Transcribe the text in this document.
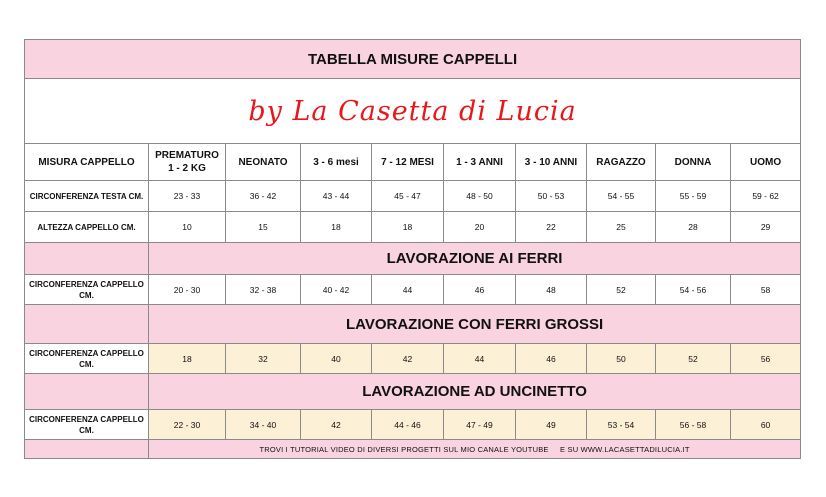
TABELLA MISURE CAPPELLI									
by La Casetta di Lucia									
MISURA CAPPELLO	PREMATURO 1 - 2 KG	NEONATO	3 - 6 mesi	7 - 12 MESI	1 - 3 ANNI	3 - 10 ANNI	RAGAZZO	DONNA	UOMO
CIRCONFERENZA TESTA CM.	23 - 33	36 - 42	43 - 44	45 - 47	48 - 50	50 - 53	54 - 55	55 - 59	59 - 62
ALTEZZA CAPPELLO CM.	10	15	18	18	20	22	25	28	29
	LAVORAZIONE AI FERRI								
CIRCONFERENZA CAPPELLO CM.	20 - 30	32 - 38	40 - 42	44	46	48	52	54 - 56	58
	LAVORAZIONE CON FERRI GROSSI								
CIRCONFERENZA CAPPELLO CM.	18	32	40	42	44	46	50	52	56
	LAVORAZIONE AD UNCINETTO								
CIRCONFERENZA CAPPELLO CM.	22 - 30	34 - 40	42	44 - 46	47 - 49	49	53 - 54	56 - 58	60
	TROVI I TUTORIAL VIDEO DI DIVERSI PROGETTI SUL MIO CANALE YOUTUBE     E SU WWW.LACASETTADILUCIA.IT								
